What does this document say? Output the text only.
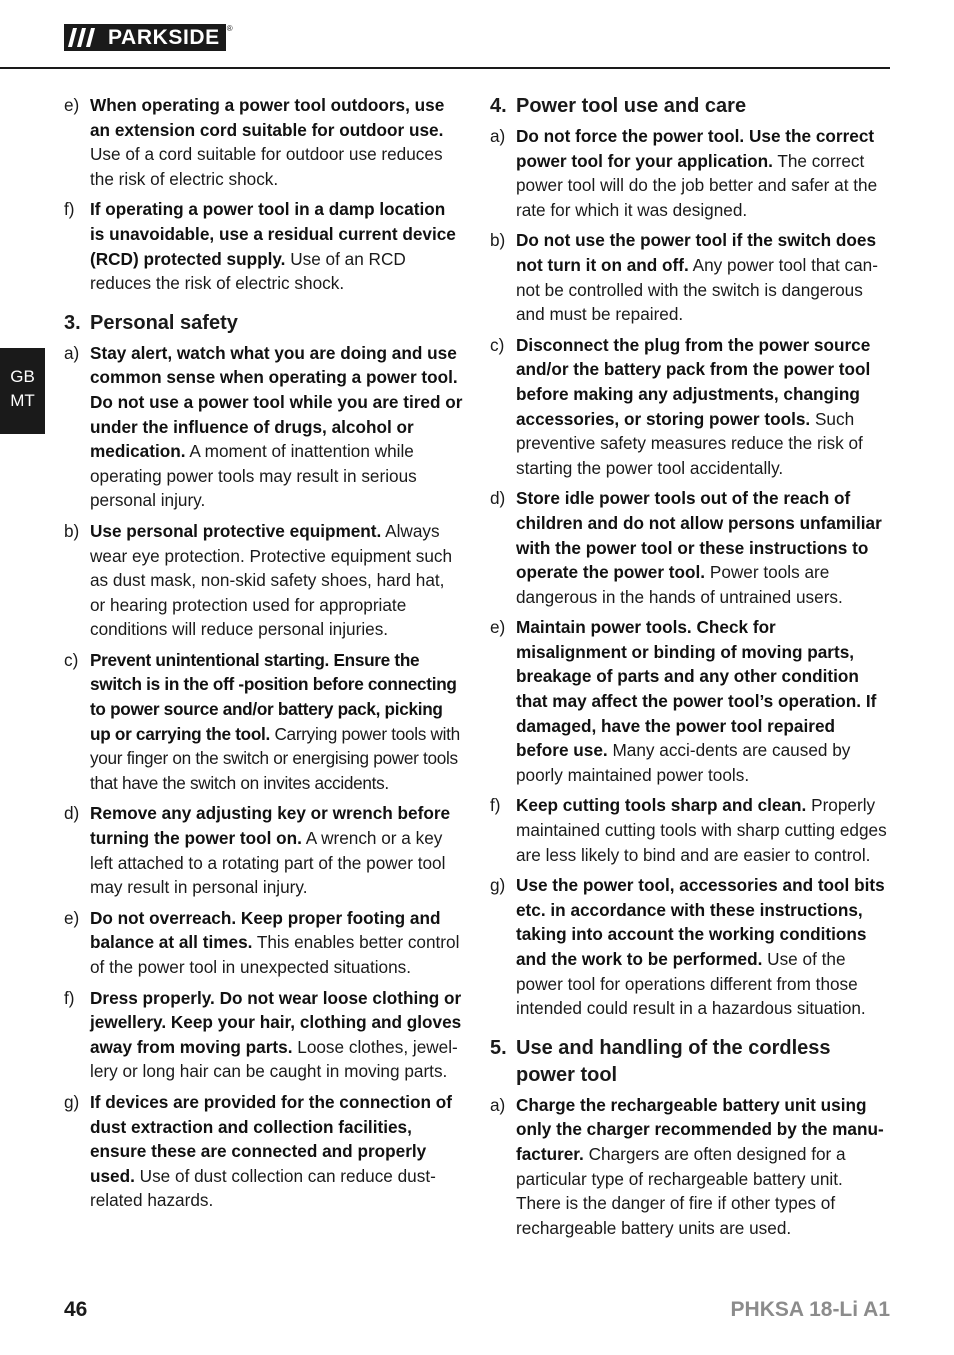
PARKSIDE ®
GB
MT
e) When operating a power tool outdoors, use an extension cord suitable for outdoor use. Use of a cord suitable for outdoor use reduces the risk of electric shock.
f) If operating a power tool in a damp location is unavoidable, use a residual current device (RCD) protected supply. Use of an RCD reduces the risk of electric shock.
3. Personal safety
a) Stay alert, watch what you are doing and use common sense when operating a power tool. Do not use a power tool while you are tired or under the influence of drugs, alcohol or medication. A moment of inattention while operating power tools may result in serious personal injury.
b) Use personal protective equipment. Always wear eye protection. Protective equipment such as dust mask, non-skid safety shoes, hard hat, or hearing protection used for appropriate conditions will reduce personal injuries.
c) Prevent unintentional starting. Ensure the switch is in the off -position before connecting to power source and/or battery pack, picking up or carrying the tool. Carrying power tools with your finger on the switch or energising power tools that have the switch on invites accidents.
d) Remove any adjusting key or wrench before turning the power tool on. A wrench or a key left attached to a rotating part of the power tool may result in personal injury.
e) Do not overreach. Keep proper footing and balance at all times. This enables better control of the power tool in unexpected situations.
f) Dress properly. Do not wear loose clothing or jewellery. Keep your hair, clothing and gloves away from moving parts. Loose clothes, jewel-lery or long hair can be caught in moving parts.
g) If devices are provided for the connection of dust extraction and collection facilities, ensure these are connected and properly used. Use of dust collection can reduce dust-related hazards.
4. Power tool use and care
a) Do not force the power tool. Use the correct power tool for your application. The correct power tool will do the job better and safer at the rate for which it was designed.
b) Do not use the power tool if the switch does not turn it on and off. Any power tool that can-not be controlled with the switch is dangerous and must be repaired.
c) Disconnect the plug from the power source and/or the battery pack from the power tool before making any adjustments, changing accessories, or storing power tools. Such preventive safety measures reduce the risk of starting the power tool accidentally.
d) Store idle power tools out of the reach of children and do not allow persons unfamiliar with the power tool or these instructions to operate the power tool. Power tools are dangerous in the hands of untrained users.
e) Maintain power tools. Check for misalignment or binding of moving parts, breakage of parts and any other condition that may affect the power tool’s operation. If damaged, have the power tool repaired before use. Many acci-dents are caused by poorly maintained power tools.
f) Keep cutting tools sharp and clean. Properly maintained cutting tools with sharp cutting edges are less likely to bind and are easier to control.
g) Use the power tool, accessories and tool bits etc. in accordance with these instructions, taking into account the working conditions and the work to be performed. Use of the power tool for operations different from those intended could result in a hazardous situation.
5. Use and handling of the cordless power tool
a) Charge the rechargeable battery unit using only the charger recommended by the manu-facturer. Chargers are often designed for a particular type of rechargeable battery unit. There is the danger of fire if other types of rechargeable battery units are used.
46	PHKSA 18-Li A1
